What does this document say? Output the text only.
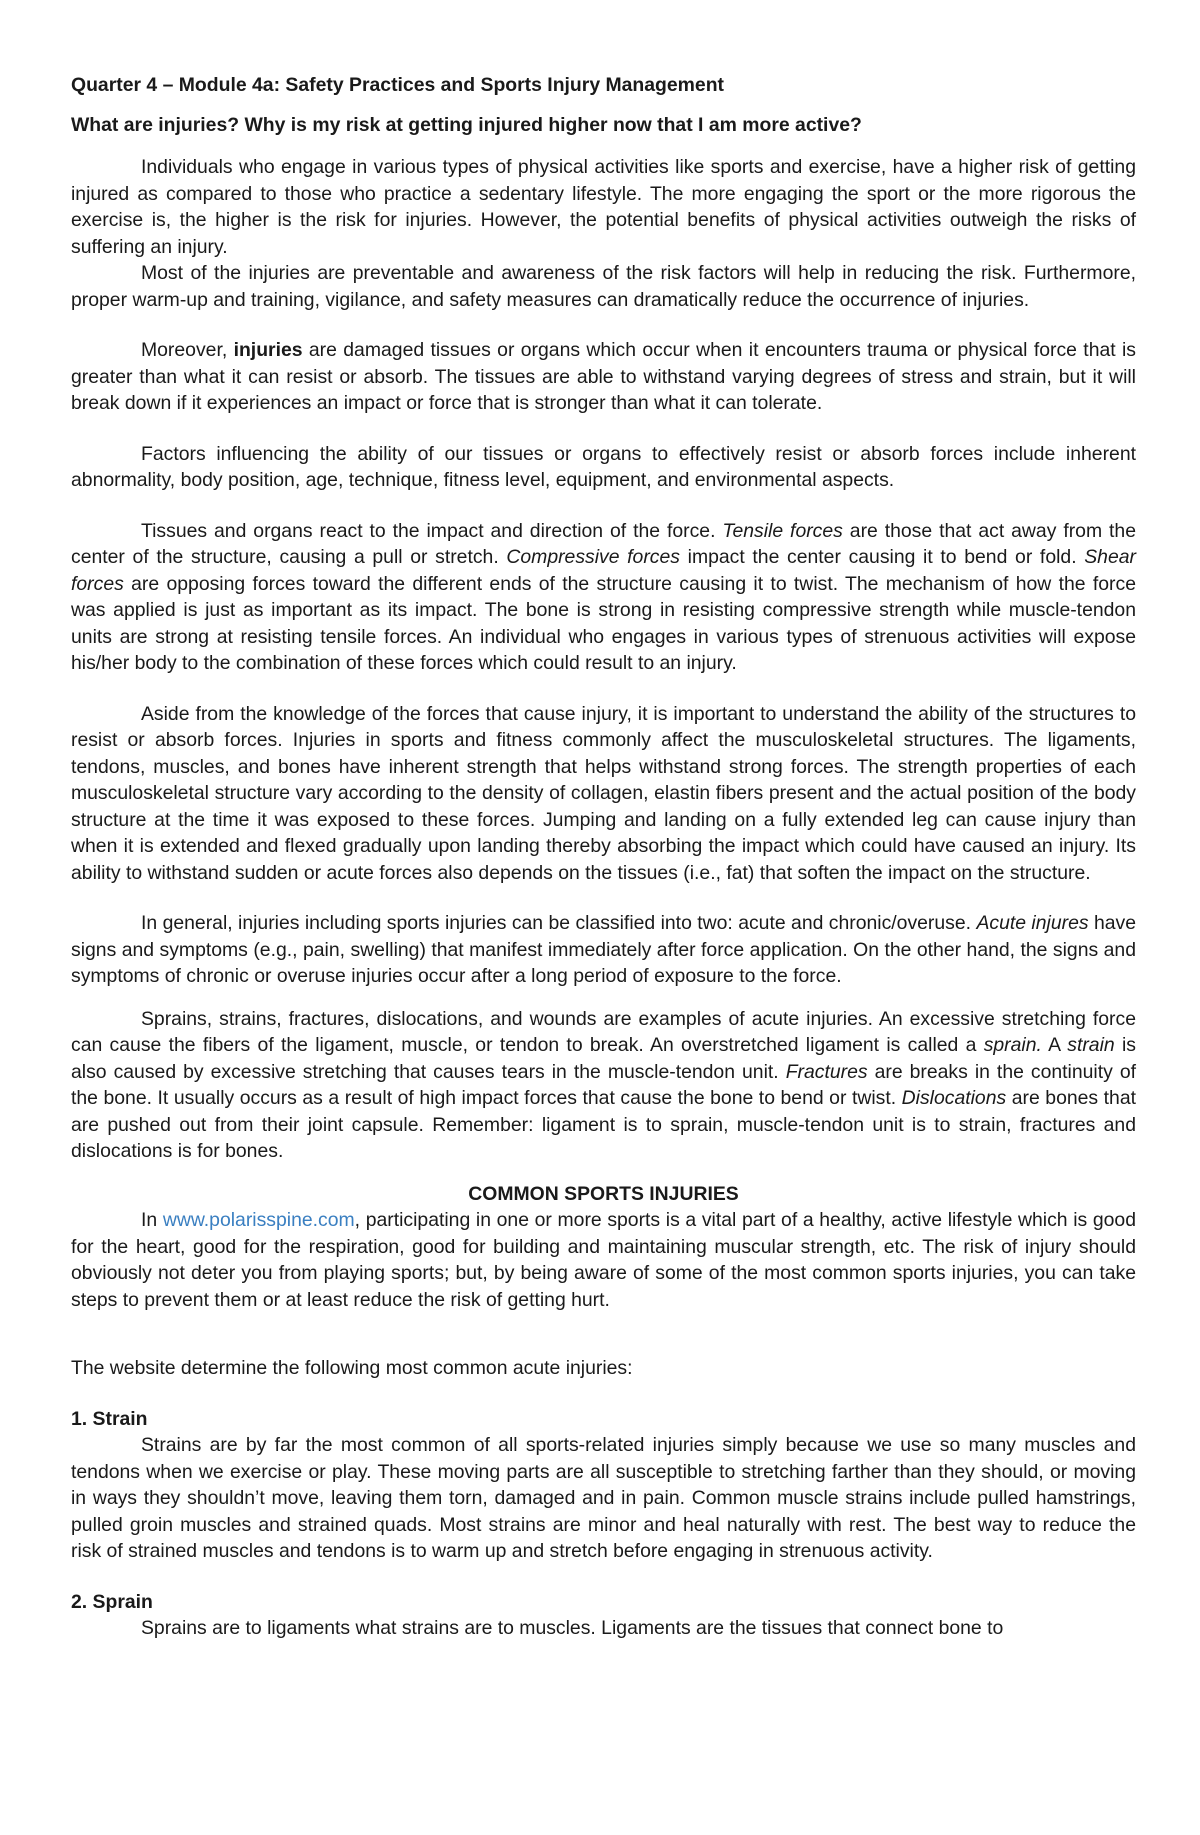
Quarter 4 – Module 4a: Safety Practices and Sports Injury Management
What are injuries? Why is my risk at getting injured higher now that I am more active?

Individuals who engage in various types of physical activities like sports and exercise, have a higher risk of getting injured as compared to those who practice a sedentary lifestyle. The more engaging the sport or the more rigorous the exercise is, the higher is the risk for injuries. However, the potential benefits of physical activities outweigh the risks of suffering an injury.

Most of the injuries are preventable and awareness of the risk factors will help in reducing the risk. Furthermore, proper warm-up and training, vigilance, and safety measures can dramatically reduce the occurrence of injuries.

Moreover, injuries are damaged tissues or organs which occur when it encounters trauma or physical force that is greater than what it can resist or absorb. The tissues are able to withstand varying degrees of stress and strain, but it will break down if it experiences an impact or force that is stronger than what it can tolerate.

Factors influencing the ability of our tissues or organs to effectively resist or absorb forces include inherent abnormality, body position, age, technique, fitness level, equipment, and environmental aspects.

Tissues and organs react to the impact and direction of the force. Tensile forces are those that act away from the center of the structure, causing a pull or stretch. Compressive forces impact the center causing it to bend or fold. Shear forces are opposing forces toward the different ends of the structure causing it to twist. The mechanism of how the force was applied is just as important as its impact. The bone is strong in resisting compressive strength while muscle-tendon units are strong at resisting tensile forces. An individual who engages in various types of strenuous activities will expose his/her body to the combination of these forces which could result to an injury.

Aside from the knowledge of the forces that cause injury, it is important to understand the ability of the structures to resist or absorb forces. Injuries in sports and fitness commonly affect the musculoskeletal structures. The ligaments, tendons, muscles, and bones have inherent strength that helps withstand strong forces. The strength properties of each musculoskeletal structure vary according to the density of collagen, elastin fibers present and the actual position of the body structure at the time it was exposed to these forces. Jumping and landing on a fully extended leg can cause injury than when it is extended and flexed gradually upon landing thereby absorbing the impact which could have caused an injury. Its ability to withstand sudden or acute forces also depends on the tissues (i.e., fat) that soften the impact on the structure.

In general, injuries including sports injuries can be classified into two: acute and chronic/overuse. Acute injures have signs and symptoms (e.g., pain, swelling) that manifest immediately after force application. On the other hand, the signs and symptoms of chronic or overuse injuries occur after a long period of exposure to the force.

Sprains, strains, fractures, dislocations, and wounds are examples of acute injuries. An excessive stretching force can cause the fibers of the ligament, muscle, or tendon to break. An overstretched ligament is called a sprain. A strain is also caused by excessive stretching that causes tears in the muscle-tendon unit. Fractures are breaks in the continuity of the bone. It usually occurs as a result of high impact forces that cause the bone to bend or twist. Dislocations are bones that are pushed out from their joint capsule. Remember: ligament is to sprain, muscle-tendon unit is to strain, fractures and dislocations is for bones.

COMMON SPORTS INJURIES

In www.polarisspine.com, participating in one or more sports is a vital part of a healthy, active lifestyle which is good for the heart, good for the respiration, good for building and maintaining muscular strength, etc. The risk of injury should obviously not deter you from playing sports; but, by being aware of some of the most common sports injuries, you can take steps to prevent them or at least reduce the risk of getting hurt.

The website determine the following most common acute injuries:

1. Strain

Strains are by far the most common of all sports-related injuries simply because we use so many muscles and tendons when we exercise or play. These moving parts are all susceptible to stretching farther than they should, or moving in ways they shouldn’t move, leaving them torn, damaged and in pain. Common muscle strains include pulled hamstrings, pulled groin muscles and strained quads. Most strains are minor and heal naturally with rest. The best way to reduce the risk of strained muscles and tendons is to warm up and stretch before engaging in strenuous activity.

2. Sprain

Sprains are to ligaments what strains are to muscles. Ligaments are the tissues that connect bone to
